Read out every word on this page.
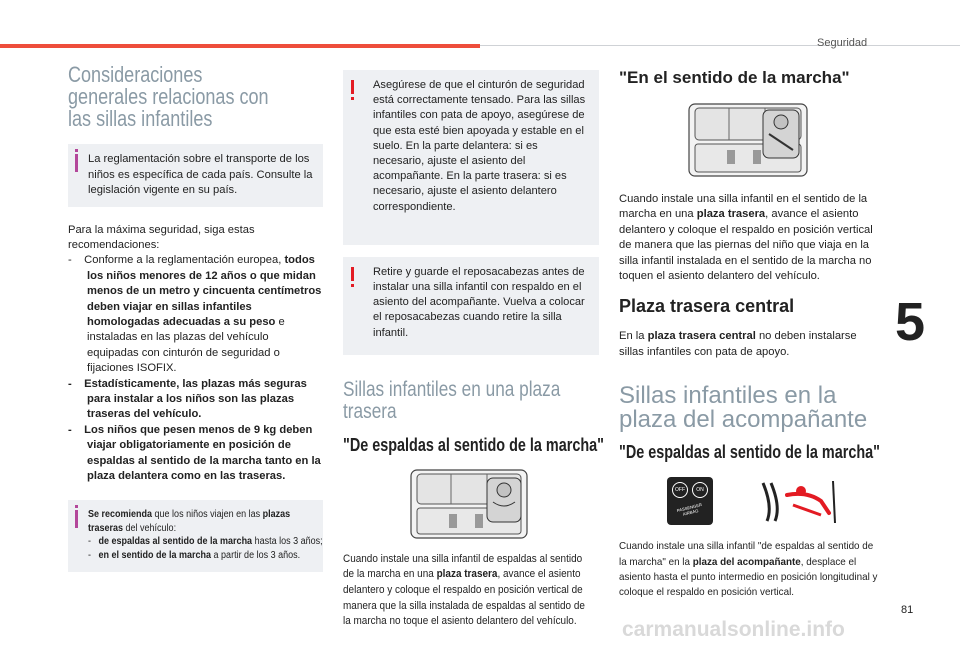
Seguridad
5
81
carmanualsonline.info
Consideraciones generales relacionas con las sillas infantiles

La reglamentación sobre el transporte de los niños es específica de cada país. Consulte la legislación vigente en su país.

Para la máxima seguridad, siga estas recomendaciones:

-    Conforme a la reglamentación europea, todos los niños menores de 12 años o que midan menos de un metro y cincuenta centímetros deben viajar en sillas infantiles homologadas adecuadas a su peso e instaladas en las plazas del vehículo equipadas con cinturón de seguridad o fijaciones ISOFIX.
-    Estadísticamente, las plazas más seguras para instalar a los niños son las plazas traseras del vehículo.
-    Los niños que pesen menos de 9 kg deben viajar obligatoriamente en posición de espaldas al sentido de la marcha tanto en la plaza delantera como en las traseras.
Se recomienda que los niños viajen en las plazas traseras del vehículo:
-   de espaldas al sentido de la marcha hasta los 3 años;
-   en el sentido de la marcha a partir de los 3 años.

Asegúrese de que el cinturón de seguridad está correctamente tensado. Para las sillas infantiles con pata de apoyo, asegúrese de que esta esté bien apoyada y estable en el suelo. En la parte delantera: si es necesario, ajuste el asiento del acompañante. En la parte trasera: si es necesario, ajuste el asiento delantero correspondiente.

Retire y guarde el reposacabezas antes de instalar una silla infantil con respaldo en el asiento del acompañante. Vuelva a colocar el reposacabezas cuando retire la silla infantil.

Sillas infantiles en una plaza trasera
"De espaldas al sentido de la marcha"

Cuando instale una silla infantil de espaldas al sentido de la marcha en una plaza trasera, avance el asiento delantero y coloque el respaldo en posición vertical de manera que la silla instalada de espaldas al sentido de la marcha no toque el asiento delantero del vehículo.

"En el sentido de la marcha"

Cuando instale una silla infantil en el sentido de la marcha en una plaza trasera, avance el asiento delantero y coloque el respaldo en posición vertical de manera que las piernas del niño que viaja en la silla infantil instalada en el sentido de la marcha no toquen el asiento delantero del vehículo.

Plaza trasera central

En la plaza trasera central no deben instalarse sillas infantiles con pata de apoyo.

Sillas infantiles en la plaza del acompañante
"De espaldas al sentido de la marcha"
OFF	ON
PASSENGER AIRBAG

Cuando instale una silla infantil "de espaldas al sentido de la marcha" en la plaza del acompañante, desplace el asiento hasta el punto intermedio en posición longitudinal y coloque el respaldo en posición vertical.
